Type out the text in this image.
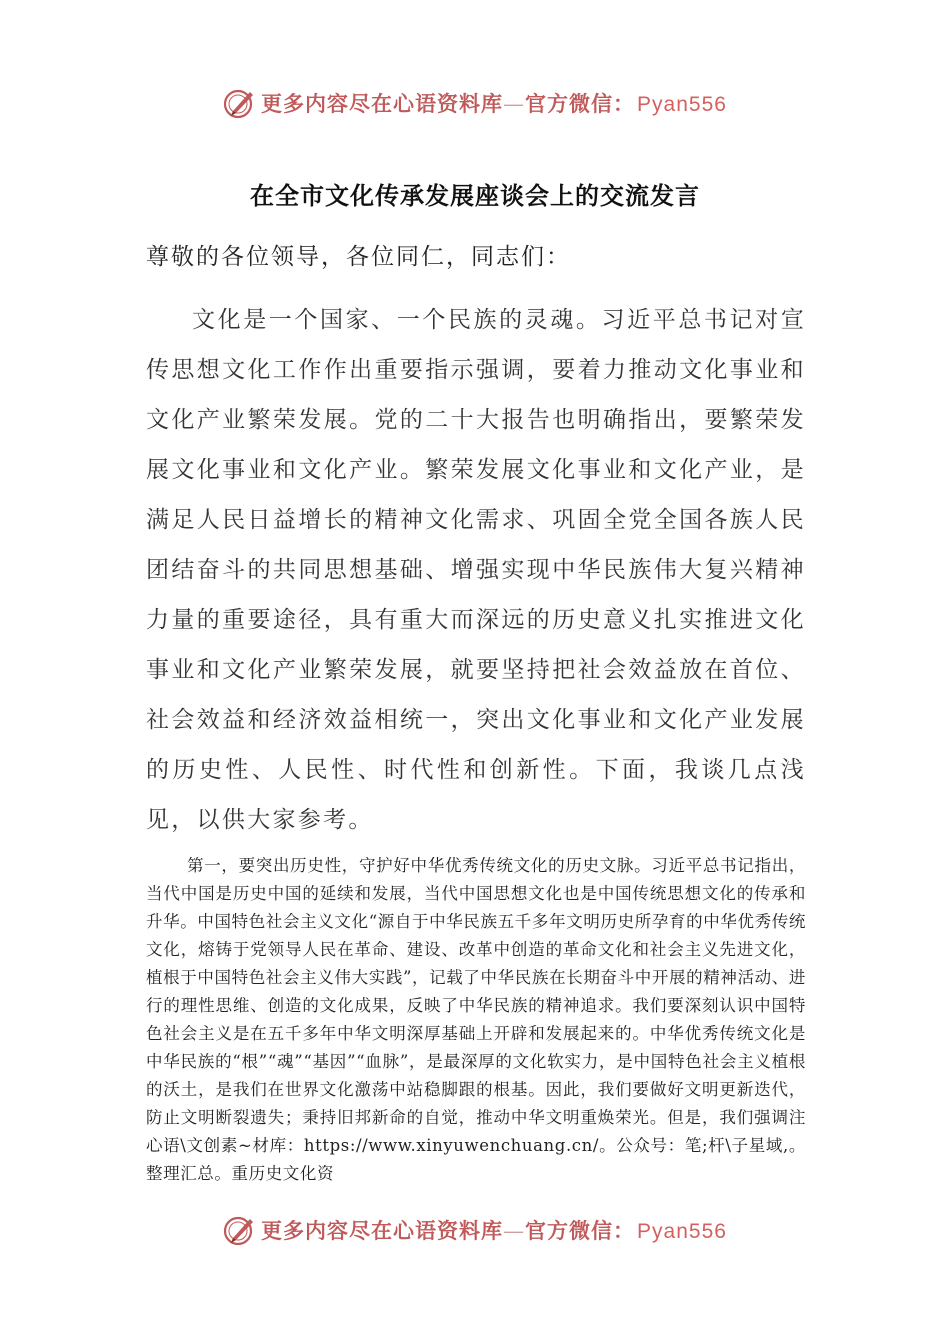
更多内容尽在心语资料库—官方微信：Pyan556
在全市文化传承发展座谈会上的交流发言
尊敬的各位领导，各位同仁，同志们：
文化是一个国家、一个民族的灵魂。习近平总书记对宣传思想文化工作作出重要指示强调，要着力推动文化事业和文化产业繁荣发展。党的二十大报告也明确指出，要繁荣发展文化事业和文化产业。繁荣发展文化事业和文化产业，是满足人民日益增长的精神文化需求、巩固全党全国各族人民团结奋斗的共同思想基础、增强实现中华民族伟大复兴精神力量的重要途径，具有重大而深远的历史意义扎实推进文化事业和文化产业繁荣发展，就要坚持把社会效益放在首位、社会效益和经济效益相统一，突出文化事业和文化产业发展的历史性、人民性、时代性和创新性。下面，我谈几点浅见，以供大家参考。
第一，要突出历史性，守护好中华优秀传统文化的历史文脉。习近平总书记指出，当代中国是历史中国的延续和发展，当代中国思想文化也是中国传统思想文化的传承和升华。中国特色社会主义文化“源自于中华民族五千多年文明历史所孕育的中华优秀传统文化，熔铸于党领导人民在革命、建设、改革中创造的革命文化和社会主义先进文化，植根于中国特色社会主义伟大实践”，记载了中华民族在长期奋斗中开展的精神活动、进行的理性思维、创造的文化成果，反映了中华民族的精神追求。我们要深刻认识中国特色社会主义是在五千多年中华文明深厚基础上开辟和发展起来的。中华优秀传统文化是中华民族的“根”“魂”“基因”“血脉”，是最深厚的文化软实力，是中国特色社会主义植根的沃土，是我们在世界文化激荡中站稳脚跟的根基。因此，我们要做好文明更新迭代，防止文明断裂遗失；秉持旧邦新命的自觉，推动中华文明重焕荣光。但是，我们强调注心语\文创素~材库：https://www.xinyuwenchuang.cn/。公众号：笔;杆\子星域,。整理汇总。重历史文化资
更多内容尽在心语资料库—官方微信：Pyan556
